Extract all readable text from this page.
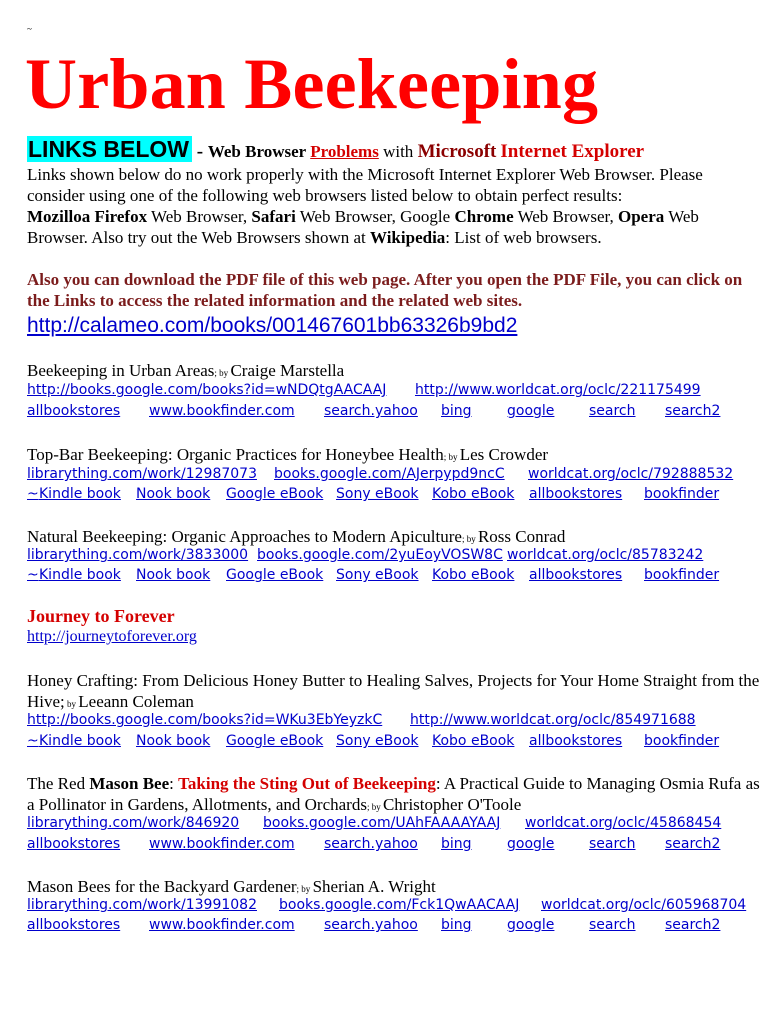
~
Urban Beekeeping
LINKS BELOW - Web Browser Problems with Microsoft Internet Explorer
Links shown below do no work properly with the Microsoft Internet Explorer Web Browser. Please consider using one of the following web browsers listed below to obtain perfect results:
Mozilloa Firefox Web Browser, Safari Web Browser, Google Chrome Web Browser, Opera Web Browser. Also try out the Web Browsers shown at Wikipedia: List of web browsers.
Also you can download the PDF file of this web page. After you open the PDF File, you can click on the Links to access the related information and the related web sites.
http://calameo.com/books/001467601bb63326b9bd2
Beekeeping in Urban Areas; by Craige Marstella
http://books.google.com/books?id=wNDQtgAACAAJ http://www.worldcat.org/oclc/221175499
allbookstores www.bookfinder.com search.yahoo bing	google search search2
Top-Bar Beekeeping: Organic Practices for Honeybee Health; by Les Crowder
librarything.com/work/12987073 books.google.com/AJerpypd9ncC worldcat.org/oclc/792888532
~ Kindle book Nook book Google eBook Sony eBook Kobo eBook allbookstores bookfinder
Natural Beekeeping: Organic Approaches to Modern Apiculture; by Ross Conrad
librarything.com/work/3833000 books.google.com/2yuEoyVOSW8C worldcat.org/oclc/85783242
~ Kindle book Nook book Google eBook Sony eBook Kobo eBook allbookstores bookfinder
Journey to Forever
http://journeytoforever.org
Honey Crafting: From Delicious Honey Butter to Healing Salves, Projects for Your Home Straight from the Hive; by Leeann Coleman
http://books.google.com/books?id=WKu3EbYeyzkC http://www.worldcat.org/oclc/854971688
~ Kindle book Nook book Google eBook Sony eBook Kobo eBook allbookstores bookfinder
The Red Mason Bee: Taking the Sting Out of Beekeeping: A Practical Guide to Managing Osmia Rufa as a Pollinator in Gardens, Allotments, and Orchards; by Christopher O'Toole
librarything.com/work/846920 books.google.com/UAhFAAAAYAAJ worldcat.org/oclc/45868454
allbookstores www.bookfinder.com search.yahoo bing	google search search2
Mason Bees for the Backyard Gardener; by Sherian A. Wright
librarything.com/work/13991082 books.google.com/Fck1QwAACAAJ worldcat.org/oclc/605968704
allbookstores www.bookfinder.com search.yahoo bing	google search search2
